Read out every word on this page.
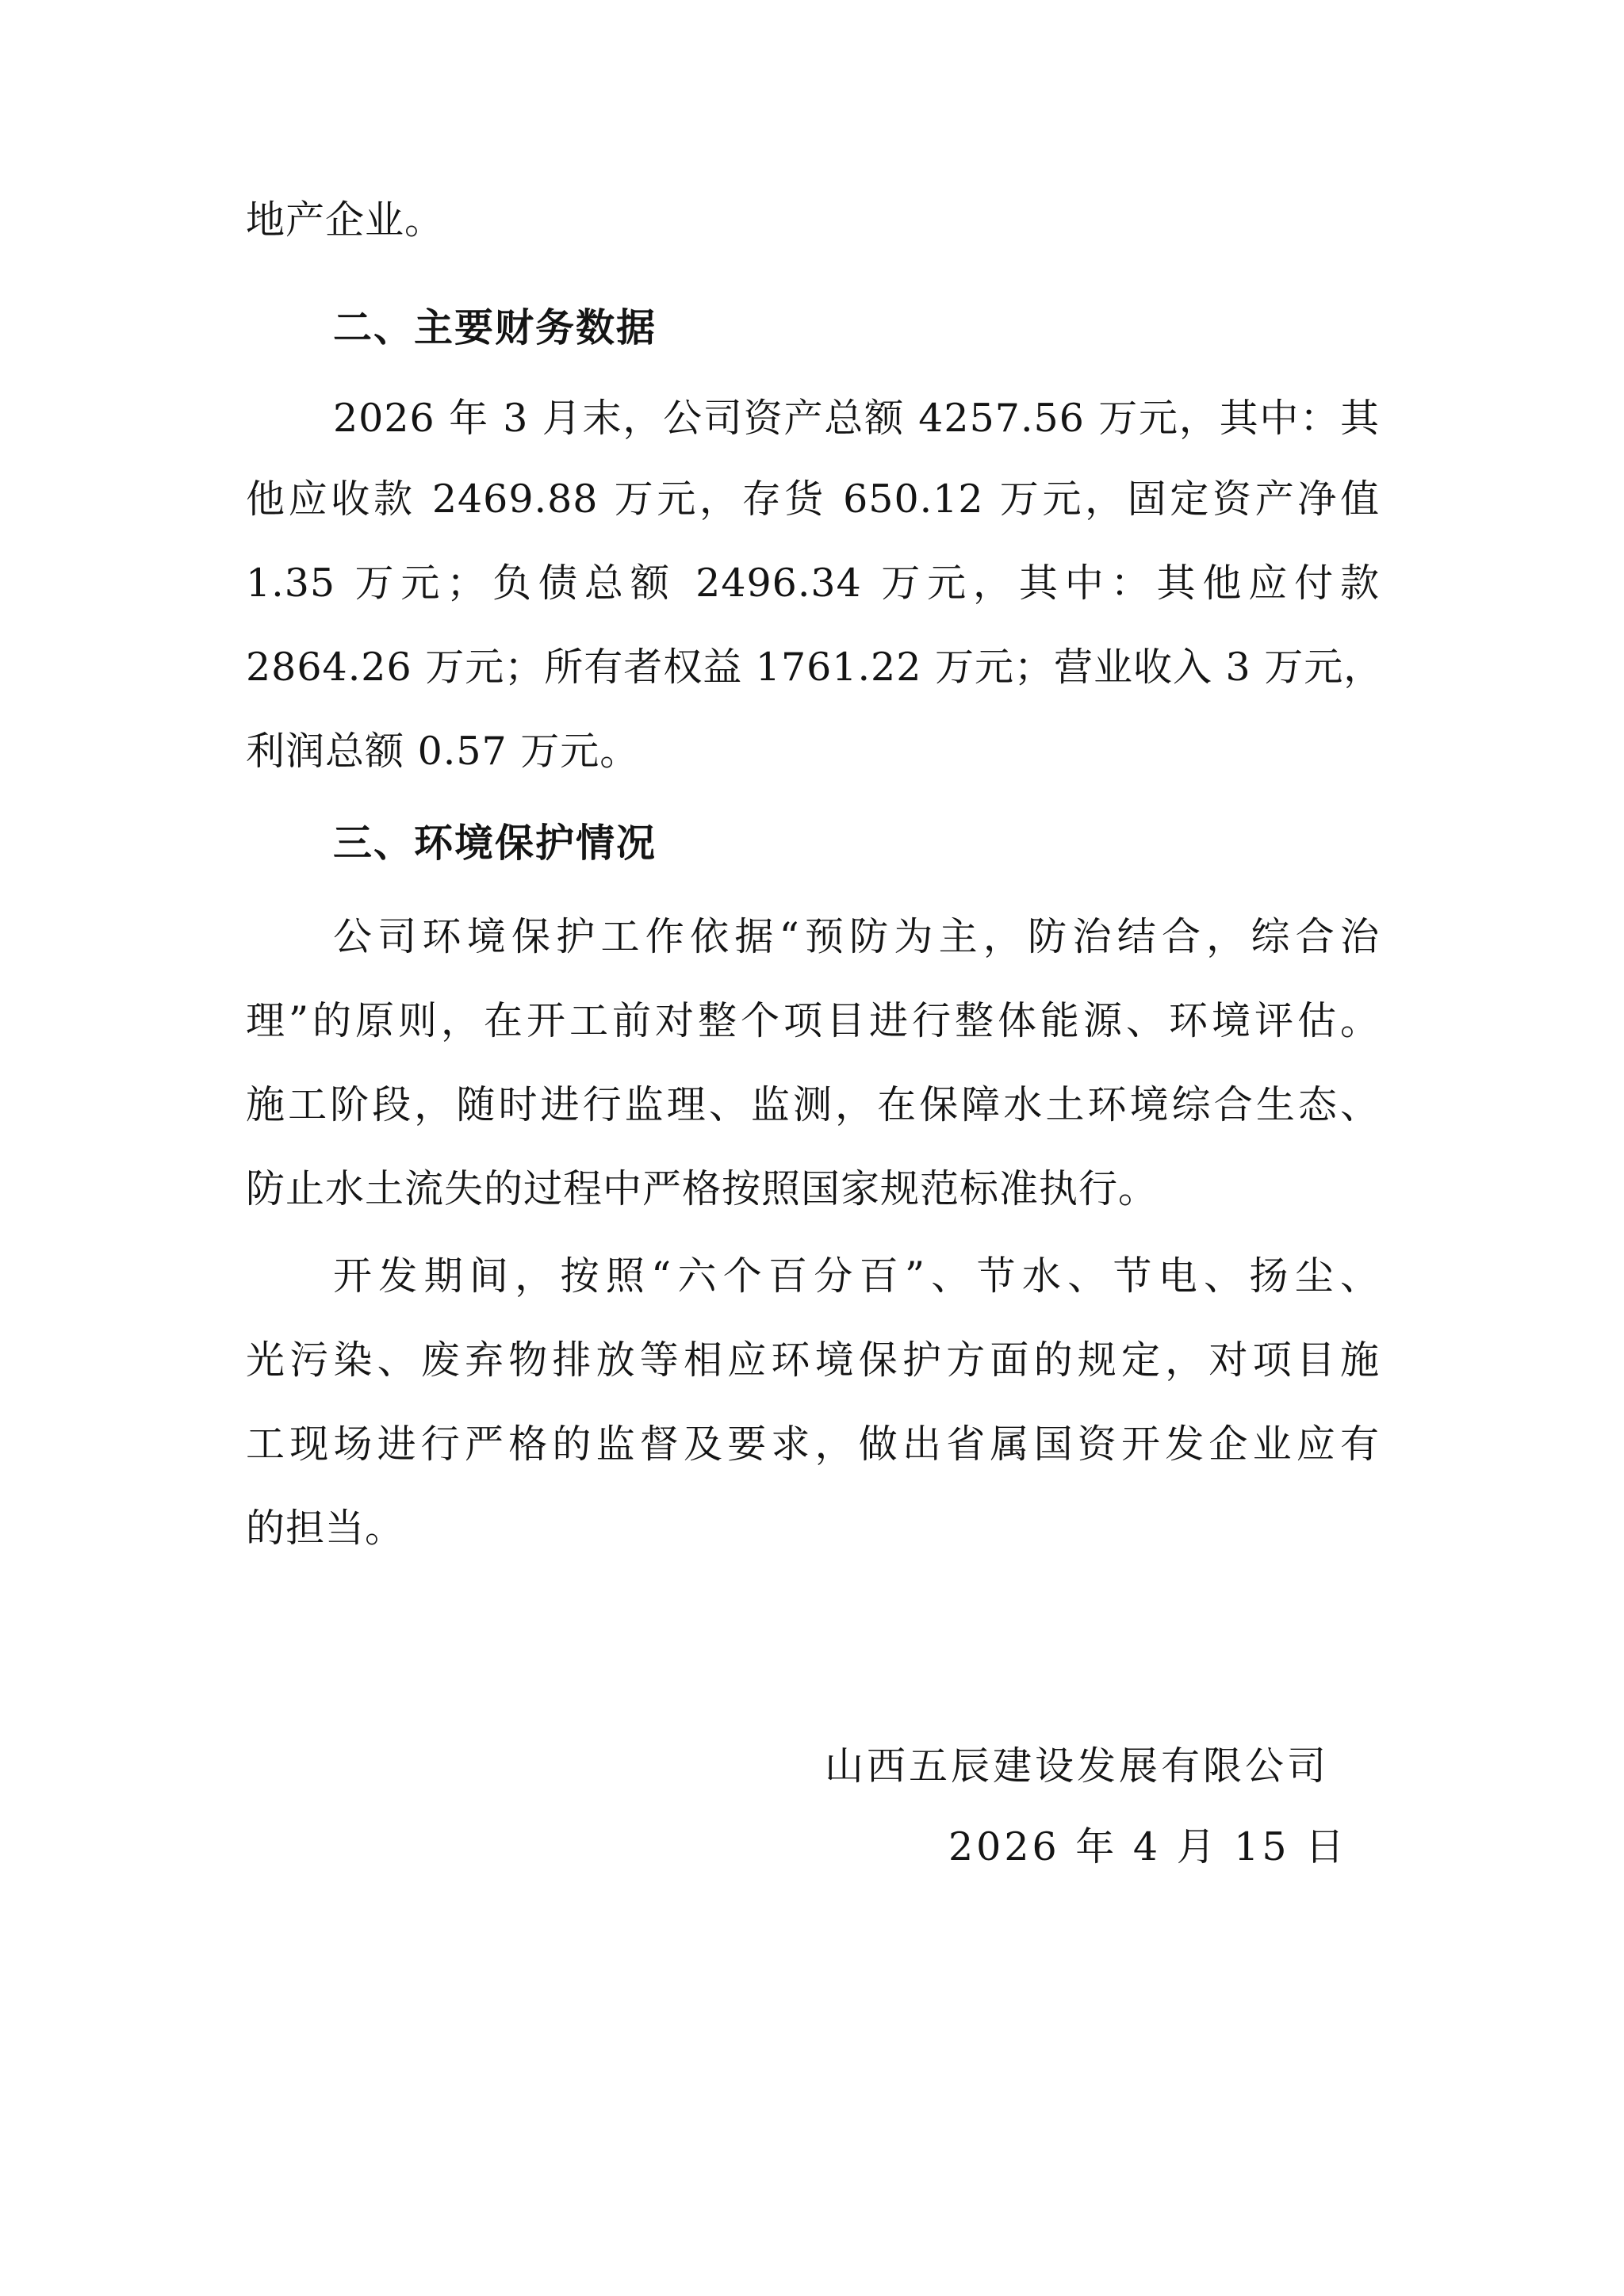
地产企业。
二、主要财务数据
2026 年 3 月末，公司资产总额 4257.56 万元，其中：其
他应收款 2469.88 万元，存货 650.12 万元，固定资产净值
1.35 万元；负债总额 2496.34 万元，其中：其他应付款
2864.26 万元；所有者权益 1761.22 万元；营业收入 3 万元，
利润总额 0.57 万元。
三、环境保护情况
公司环境保护工作依据“预防为主，防治结合，综合治
理”的原则，在开工前对整个项目进行整体能源、环境评估。
施工阶段，随时进行监理、监测，在保障水土环境综合生态、
防止水土流失的过程中严格按照国家规范标准执行。
开发期间，按照“六个百分百”、节水、节电、扬尘、
光污染、废弃物排放等相应环境保护方面的规定，对项目施
工现场进行严格的监督及要求，做出省属国资开发企业应有
的担当。
山西五辰建设发展有限公司
2026 年 4 月 15 日
